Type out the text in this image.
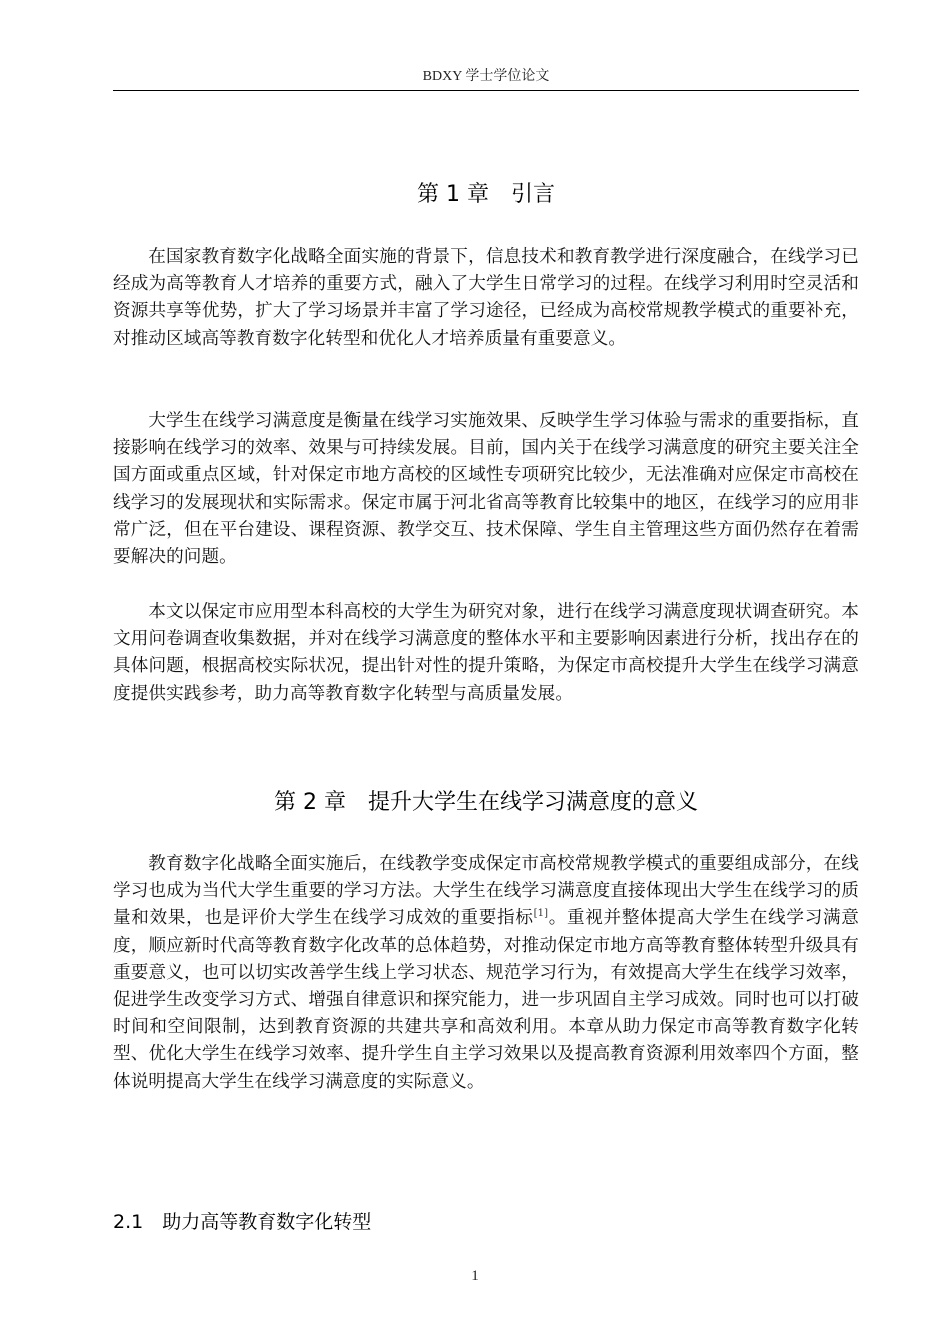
BDXY 学士学位论文
第 1 章　引言

在国家教育数字化战略全面实施的背景下，信息技术和教育教学进行深度融合，在线学习已经成为高等教育人才培养的重要方式，融入了大学生日常学习的过程。在线学习利用时空灵活和资源共享等优势，扩大了学习场景并丰富了学习途径，已经成为高校常规教学模式的重要补充，对推动区域高等教育数字化转型和优化人才培养质量有重要意义。

大学生在线学习满意度是衡量在线学习实施效果、反映学生学习体验与需求的重要指标，直接影响在线学习的效率、效果与可持续发展。目前，国内关于在线学习满意度的研究主要关注全国方面或重点区域，针对保定市地方高校的区域性专项研究比较少，无法准确对应保定市高校在线学习的发展现状和实际需求。保定市属于河北省高等教育比较集中的地区，在线学习的应用非常广泛，但在平台建设、课程资源、教学交互、技术保障、学生自主管理这些方面仍然存在着需要解决的问题。

本文以保定市应用型本科高校的大学生为研究对象，进行在线学习满意度现状调查研究。本文用问卷调查收集数据，并对在线学习满意度的整体水平和主要影响因素进行分析，找出存在的具体问题，根据高校实际状况，提出针对性的提升策略，为保定市高校提升大学生在线学习满意度提供实践参考，助力高等教育数字化转型与高质量发展。

第 2 章　提升大学生在线学习满意度的意义

教育数字化战略全面实施后，在线教学变成保定市高校常规教学模式的重要组成部分，在线学习也成为当代大学生重要的学习方法。大学生在线学习满意度直接体现出大学生在线学习的质量和效果，也是评价大学生在线学习成效的重要指标[1]。重视并整体提高大学生在线学习满意度，顺应新时代高等教育数字化改革的总体趋势，对推动保定市地方高等教育整体转型升级具有重要意义，也可以切实改善学生线上学习状态、规范学习行为，有效提高大学生在线学习效率，促进学生改变学习方式、增强自律意识和探究能力，进一步巩固自主学习成效。同时也可以打破时间和空间限制，达到教育资源的共建共享和高效利用。本章从助力保定市高等教育数字化转型、优化大学生在线学习效率、提升学生自主学习效果以及提高教育资源利用效率四个方面，整体说明提高大学生在线学习满意度的实际意义。

2.1　助力高等教育数字化转型
1
